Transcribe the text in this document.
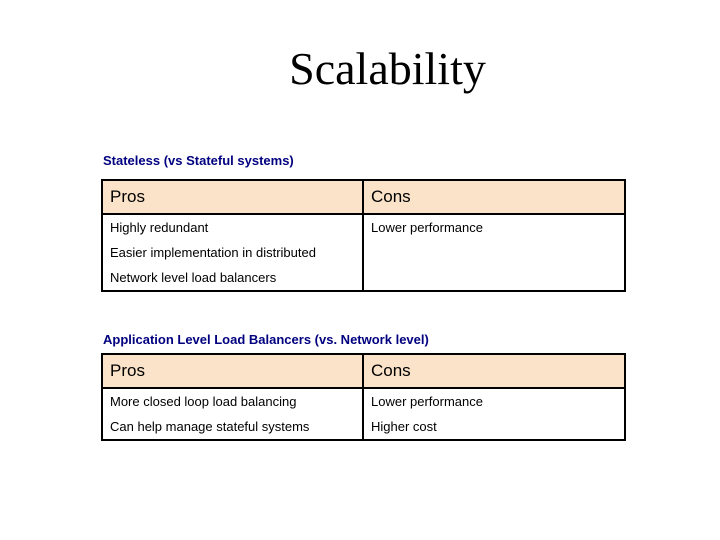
Scalability
Stateless (vs Stateful systems)
Pros	Cons
Highly redundant	Lower performance
Easier implementation in distributed	
Network level load balancers	
Application Level Load Balancers (vs. Network level)
Pros	Cons
More closed loop load balancing	Lower performance
Can help manage stateful systems	Higher cost
